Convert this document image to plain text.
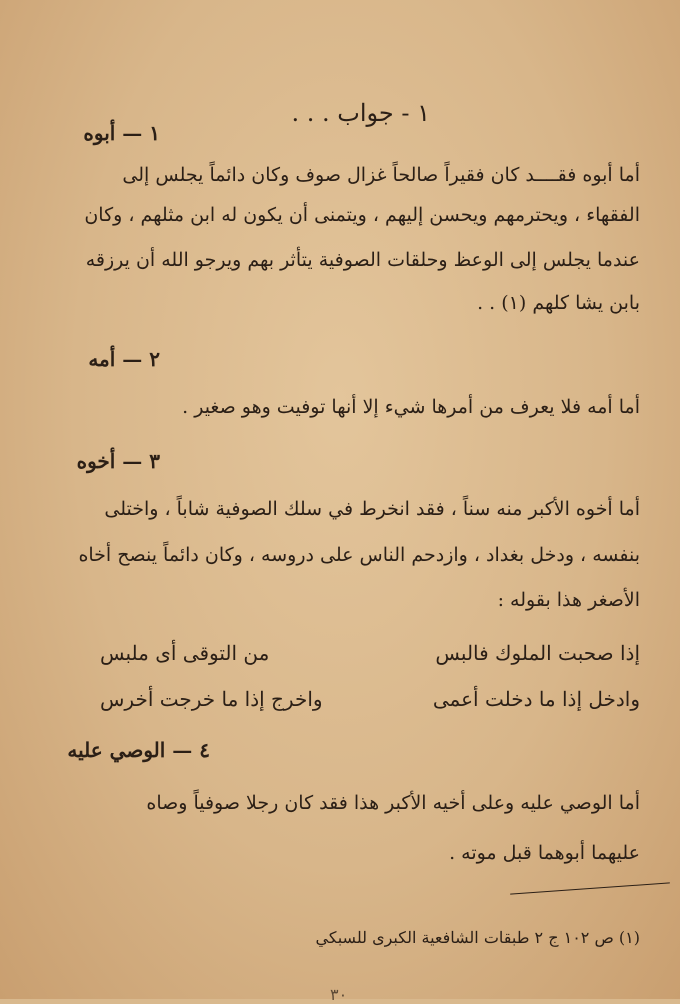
١ - جواب . . .
١ — أبوه
أما أبوه فقــــد كان فقيراً صالحاً غزال صوف وكان دائماً يجلس إلى
الفقهاء ، ويحترمهم ويحسن إليهم ، ويتمنى أن يكون له ابن مثلهم ، وكان
عندما يجلس إلى الوعظ وحلقات الصوفية يتأثر بهم ويرجو الله أن يرزقه
بابن يشا كلهم (١) . .
٢ — أمه
أما أمه فلا يعرف من أمرها شيء إلا أنها توفيت وهو صغير .
٣ — أخوه
أما أخوه الأكبر منه سناً ، فقد انخرط في سلك الصوفية شاباً ، واختلى
بنفسه ، ودخل بغداد ، وازدحم الناس على دروسه ، وكان دائماً ينصح أخاه
الأصغر هذا بقوله :
إذا صحبت الملوك فالبس
من التوقى أى ملبس
وادخل إذا ما دخلت أعمى
واخرج إذا ما خرجت أخرس
٤ — الوصي عليه
أما الوصي عليه وعلى أخيه الأكبر هذا فقد كان رجلا صوفياً وصاه
عليهما أبوهما قبل موته .
(١) ص ١٠٢ ج ٢ طبقات الشافعية الكبرى للسبكي
٣٠
